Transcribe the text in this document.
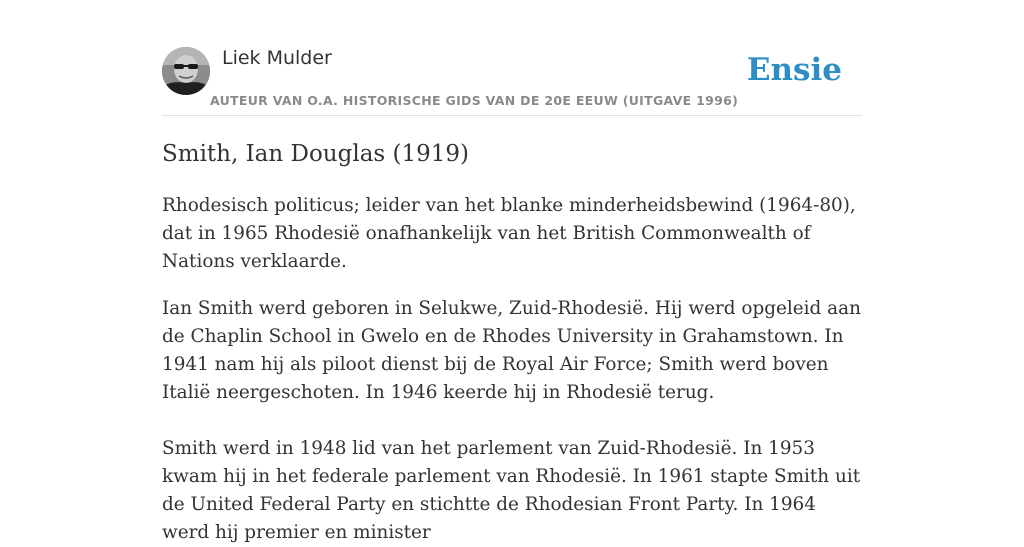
Liek Mulder
AUTEUR VAN O.A. HISTORISCHE GIDS VAN DE 20E EEUW (UITGAVE 1996)
Ensie
Smith, Ian Douglas (1919)

Rhodesisch politicus; leider van het blanke minderheidsbewind (1964-80), dat in 1965 Rhodesië onafhankelijk van het British Commonwealth of Nations verklaarde.

Ian Smith werd geboren in Selukwe, Zuid-Rhodesië. Hij werd opgeleid aan de Chaplin School in Gwelo en de Rhodes University in Grahamstown. In 1941 nam hij als piloot dienst bij de Royal Air Force; Smith werd boven Italië neergeschoten. In 1946 keerde hij in Rhodesië terug.

Smith werd in 1948 lid van het parlement van Zuid-Rhodesië. In 1953 kwam hij in het federale parlement van Rhodesië. In 1961 stapte Smith uit de United Federal Party en stichtte de Rhodesian Front Party. In 1964 werd hij premier en minister
